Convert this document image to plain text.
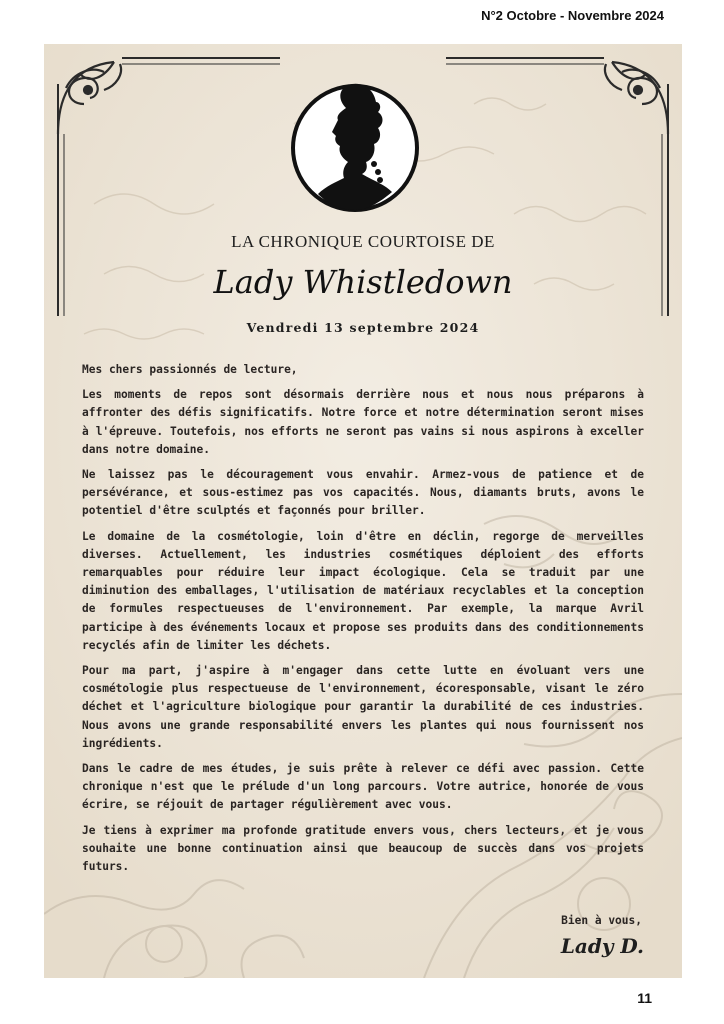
N°2 Octobre - Novembre 2024
LA CHRONIQUE COURTOISE DE
Lady Whistledown
Vendredi 13 septembre 2024

Mes chers passionnés de lecture,

Les moments de repos sont désormais derrière nous et nous nous préparons à affronter des défis significatifs. Notre force et notre détermination seront mises à l'épreuve. Toutefois, nos efforts ne seront pas vains si nous aspirons à exceller dans notre domaine.

Ne laissez pas le découragement vous envahir. Armez-vous de patience et de persévérance, et sous-estimez pas vos capacités. Nous, diamants bruts, avons le potentiel d'être sculptés et façonnés pour briller.

Le domaine de la cosmétologie, loin d'être en déclin, regorge de merveilles diverses. Actuellement, les industries cosmétiques déploient des efforts remarquables pour réduire leur impact écologique. Cela se traduit par une diminution des emballages, l'utilisation de matériaux recyclables et la conception de formules respectueuses de l'environnement. Par exemple, la marque Avril participe à des événements locaux et propose ses produits dans des conditionnements recyclés afin de limiter les déchets.

Pour ma part, j'aspire à m'engager dans cette lutte en évoluant vers une cosmétologie plus respectueuse de l'environnement, écoresponsable, visant le zéro déchet et l'agriculture biologique pour garantir la durabilité de ces industries. Nous avons une grande responsabilité envers les plantes qui nous fournissent nos ingrédients.

Dans le cadre de mes études, je suis prête à relever ce défi avec passion. Cette chronique n'est que le prélude d'un long parcours. Votre autrice, honorée de vous écrire, se réjouit de partager régulièrement avec vous.

Je tiens à exprimer ma profonde gratitude envers vous, chers lecteurs, et je vous souhaite une bonne continuation ainsi que beaucoup de succès dans vos projets futurs.

Bien à vous,
Lady D.
11
